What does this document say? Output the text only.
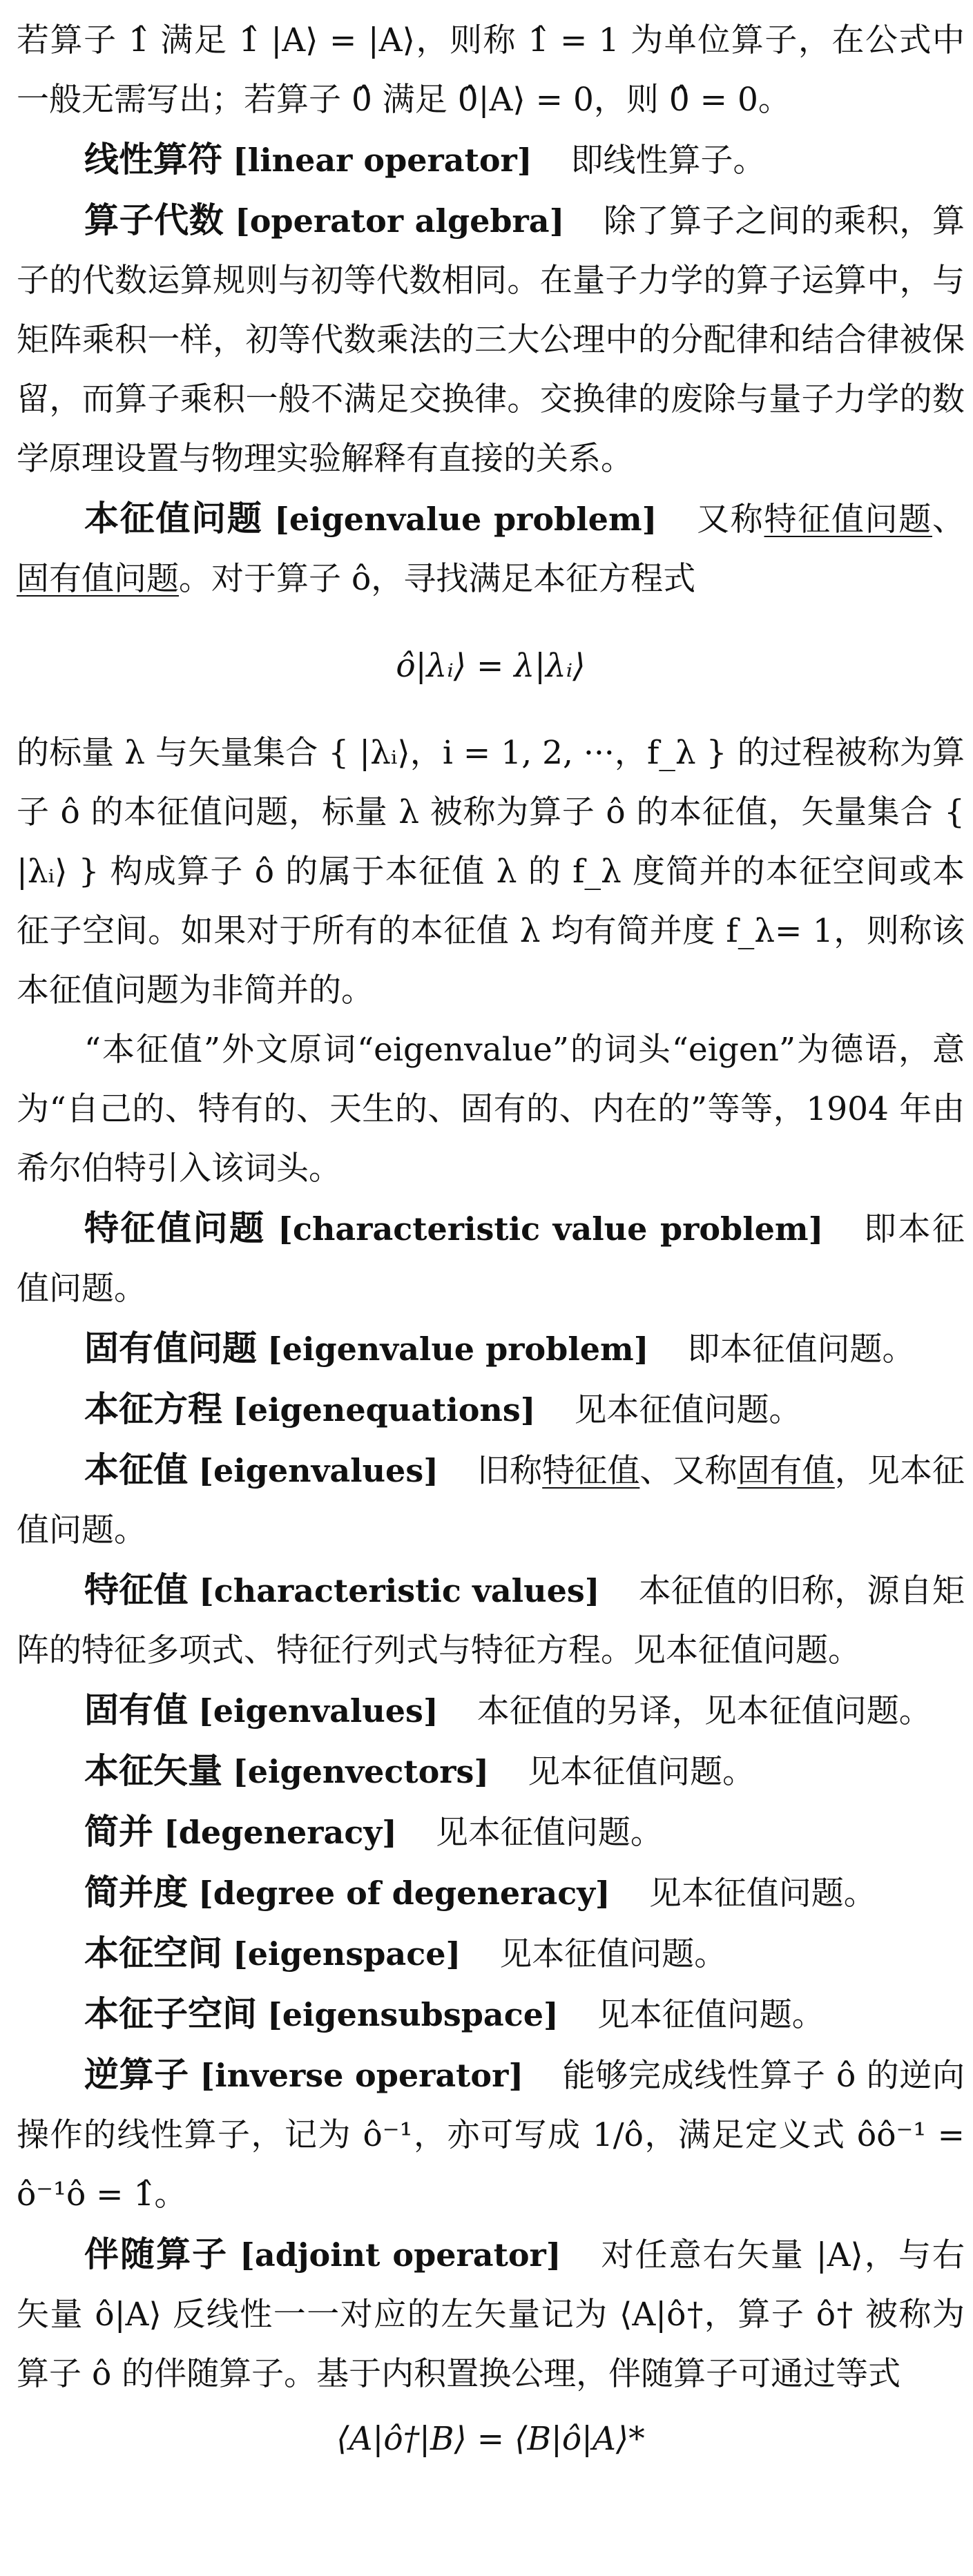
若算子 1̂ 满足 1̂ |A⟩ = |A⟩，则称 1̂ = 1 为单位算子，在公式中一般无需写出；若算子 0̂ 满足 0̂|A⟩ = 0，则 0̂ = 0。

线性算符 [linear operator] 即线性算子。

算子代数 [operator algebra] 除了算子之间的乘积，算子的代数运算规则与初等代数相同。在量子力学的算子运算中，与矩阵乘积一样，初等代数乘法的三大公理中的分配律和结合律被保留，而算子乘积一般不满足交换律。交换律的废除与量子力学的数学原理设置与物理实验解释有直接的关系。

本征值问题 [eigenvalue problem] 又称特征值问题、固有值问题。对于算子 ô，寻找满足本征方程式

ô|λᵢ⟩ = λ|λᵢ⟩

的标量 λ 与矢量集合 { |λᵢ⟩，i = 1, 2, ···，f_λ } 的过程被称为算子 ô 的本征值问题，标量 λ 被称为算子 ô 的本征值，矢量集合 { |λᵢ⟩ } 构成算子 ô 的属于本征值 λ 的 f_λ 度简并的本征空间或本征子空间。如果对于所有的本征值 λ 均有简并度 f_λ= 1，则称该本征值问题为非简并的。

“本征值”外文原词“eigenvalue”的词头“eigen”为德语，意为“自己的、特有的、天生的、固有的、内在的”等等，1904 年由希尔伯特引入该词头。

特征值问题 [characteristic value problem] 即本征值问题。

固有值问题 [eigenvalue problem] 即本征值问题。

本征方程 [eigenequations] 见本征值问题。

本征值 [eigenvalues] 旧称特征值、又称固有值，见本征值问题。

特征值 [characteristic values] 本征值的旧称，源自矩阵的特征多项式、特征行列式与特征方程。见本征值问题。

固有值 [eigenvalues] 本征值的另译，见本征值问题。

本征矢量 [eigenvectors] 见本征值问题。

简并 [degeneracy] 见本征值问题。

简并度 [degree of degeneracy] 见本征值问题。

本征空间 [eigenspace] 见本征值问题。

本征子空间 [eigensubspace] 见本征值问题。

逆算子 [inverse operator] 能够完成线性算子 ô 的逆向操作的线性算子，记为 ô⁻¹，亦可写成 1/ô，满足定义式 ôô⁻¹ = ô⁻¹ô = 1̂。

伴随算子 [adjoint operator] 对任意右矢量 |A⟩，与右矢量 ô|A⟩ 反线性一一对应的左矢量记为 ⟨A|ô†，算子 ô† 被称为算子 ô 的伴随算子。基于内积置换公理，伴随算子可通过等式

⟨A|ô†|B⟩ = ⟨B|ô|A⟩*
